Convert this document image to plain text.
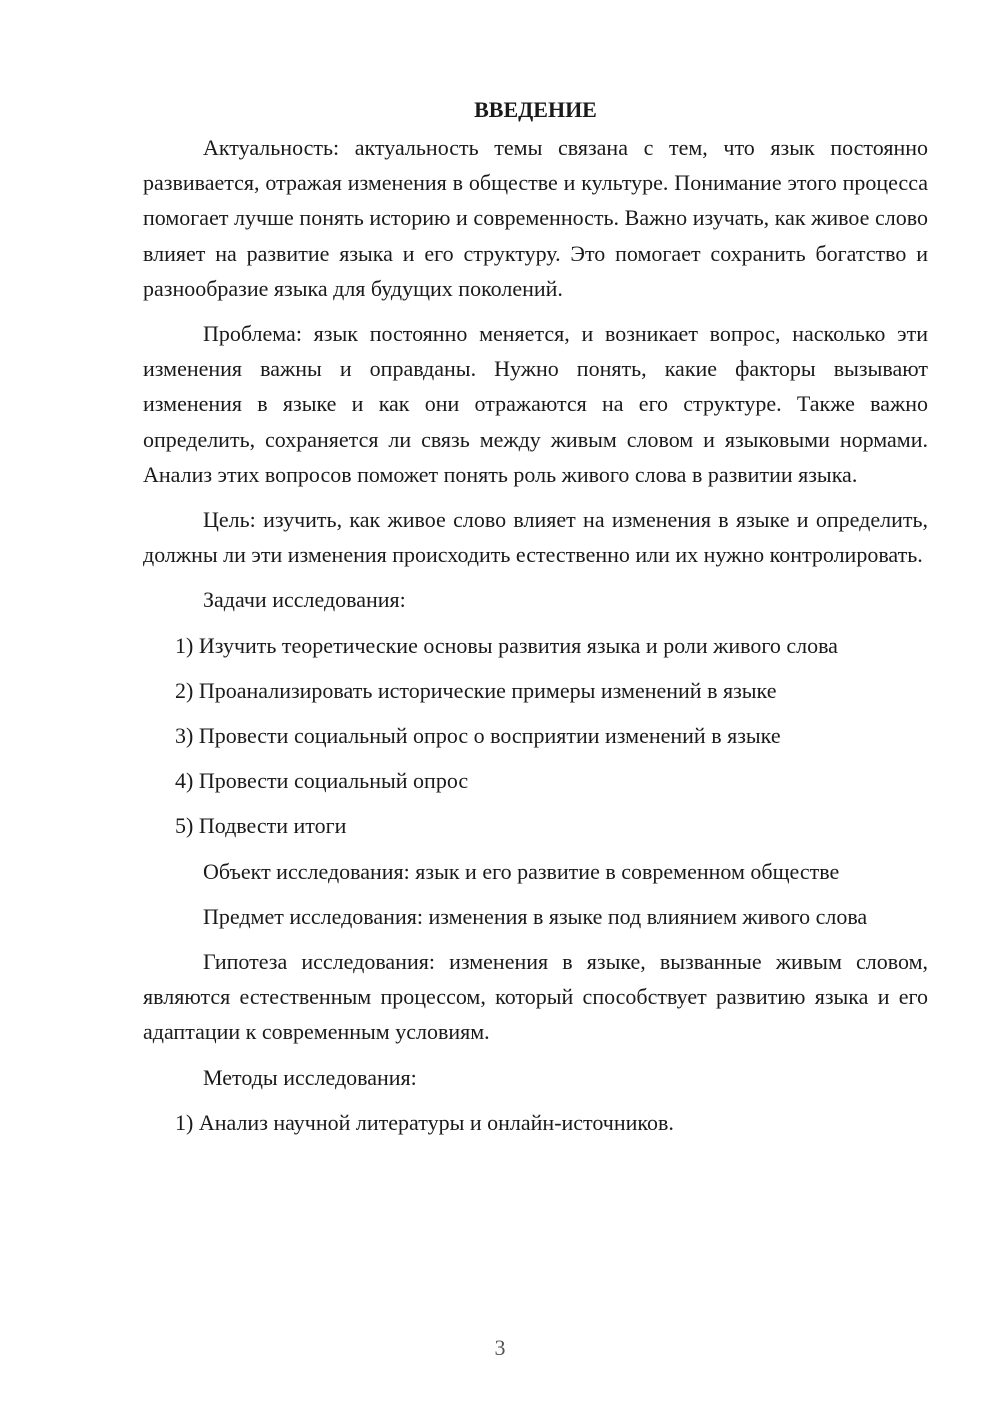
ВВЕДЕНИЕ

Актуальность: актуальность темы связана с тем, что язык постоянно развивается, отражая изменения в обществе и культуре. Понимание этого процесса помогает лучше понять историю и современность. Важно изучать, как живое слово влияет на развитие языка и его структуру. Это помогает сохранить богатство и разнообразие языка для будущих поколений.

Проблема: язык постоянно меняется, и возникает вопрос, насколько эти изменения важны и оправданы. Нужно понять, какие факторы вызывают изменения в языке и как они отражаются на его структуре. Также важно определить, сохраняется ли связь между живым словом и языковыми нормами. Анализ этих вопросов поможет понять роль живого слова в развитии языка.

Цель: изучить, как живое слово влияет на изменения в языке и определить, должны ли эти изменения происходить естественно или их нужно контролировать.

Задачи исследования:
1) Изучить теоретические основы развития языка и роли живого слова
2) Проанализировать исторические примеры изменений в языке
3) Провести социальный опрос о восприятии изменений в языке
4) Провести социальный опрос
5) Подвести итоги

Объект исследования: язык и его развитие в современном обществе

Предмет исследования: изменения в языке под влиянием живого слова

Гипотеза исследования: изменения в языке, вызванные живым словом, являются естественным процессом, который способствует развитию языка и его адаптации к современным условиям.

Методы исследования:
1) Анализ научной литературы и онлайн-источников.
3
